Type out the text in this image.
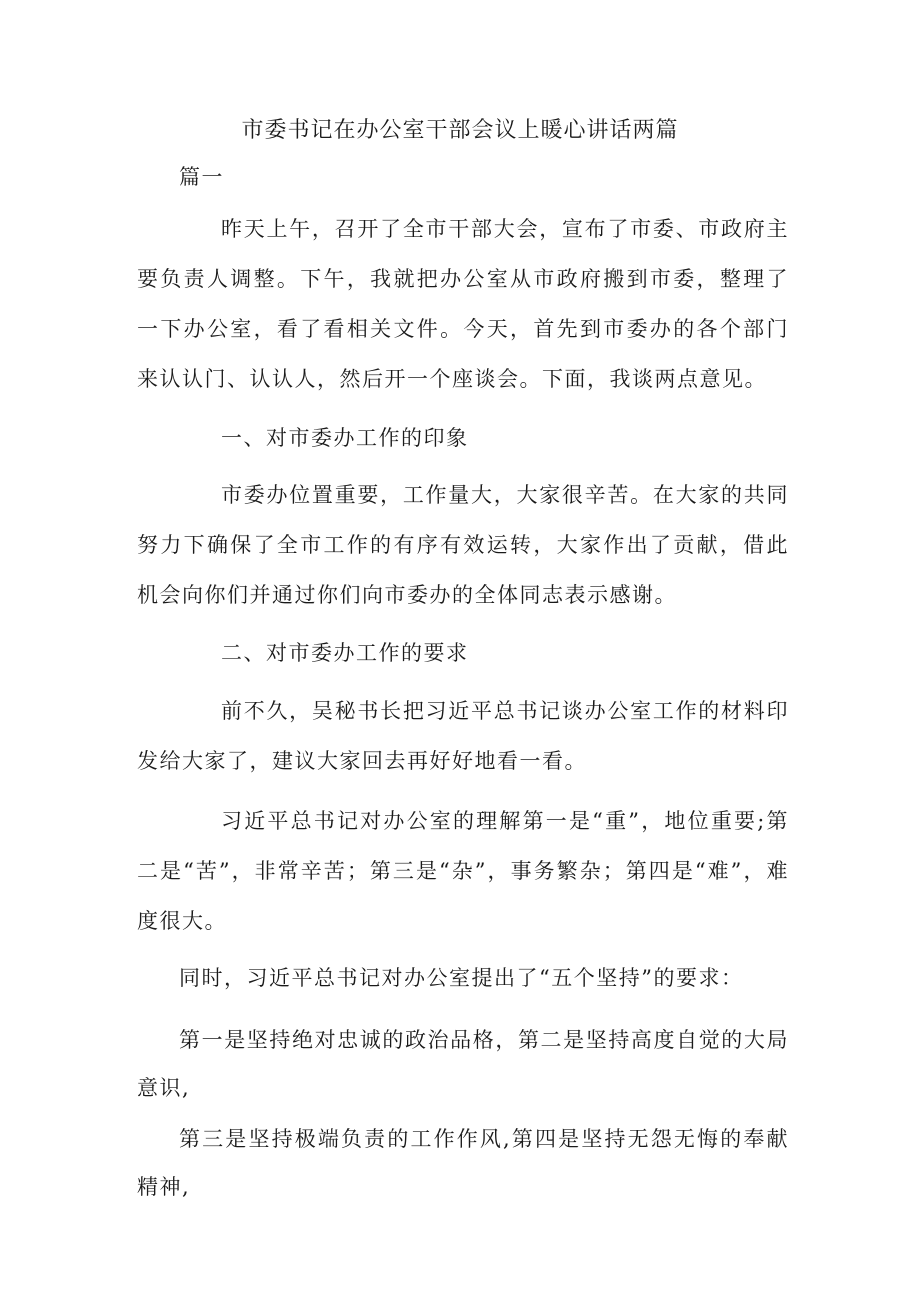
市委书记在办公室干部会议上暖心讲话两篇
篇一
昨天上午，召开了全市干部大会，宣布了市委、市政府主要负责人调整。下午，我就把办公室从市政府搬到市委，整理了一下办公室，看了看相关文件。今天，首先到市委办的各个部门来认认门、认认人，然后开一个座谈会。下面，我谈两点意见。
一、对市委办工作的印象
市委办位置重要，工作量大，大家很辛苦。在大家的共同努力下确保了全市工作的有序有效运转，大家作出了贡献，借此机会向你们并通过你们向市委办的全体同志表示感谢。
二、对市委办工作的要求
前不久，吴秘书长把习近平总书记谈办公室工作的材料印发给大家了，建议大家回去再好好地看一看。
习近平总书记对办公室的理解第一是“重”，地位重要;第二是“苦”，非常辛苦；第三是“杂”，事务繁杂；第四是“难”，难度很大。
同时，习近平总书记对办公室提出了“五个坚持”的要求：
第一是坚持绝对忠诚的政治品格，第二是坚持高度自觉的大局意识,
第三是坚持极端负责的工作作风,第四是坚持无怨无悔的奉献精神,
